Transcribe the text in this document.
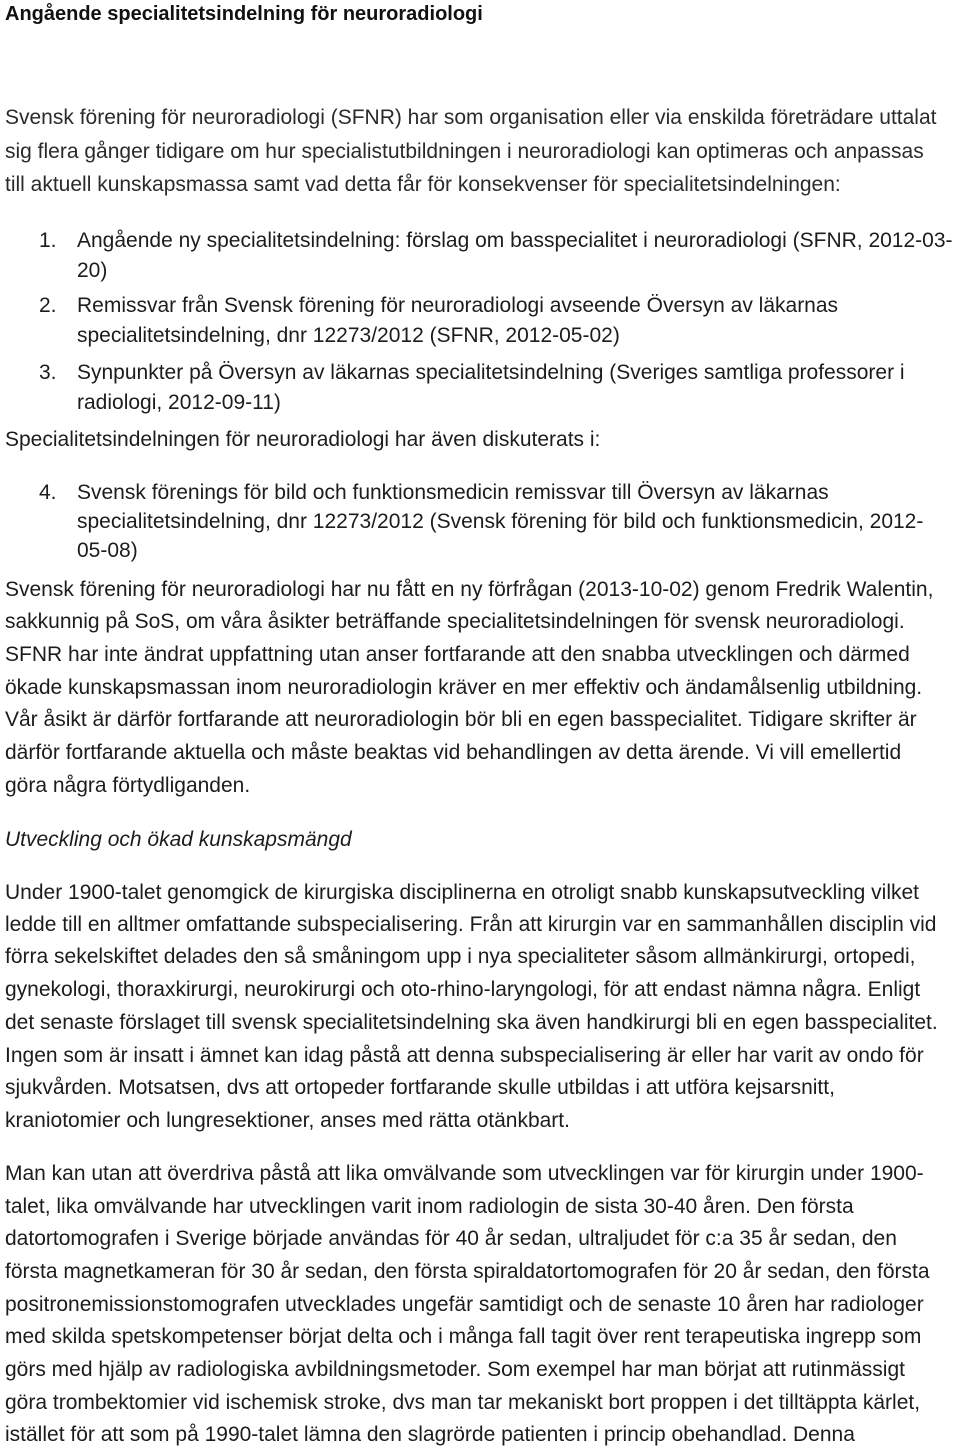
Angående specialitetsindelning för neuroradiologi
Svensk förening för neuroradiologi (SFNR) har som organisation eller via enskilda företrädare uttalat
sig flera gånger tidigare om hur specialistutbildningen i neuroradiologi kan optimeras och anpassas
till aktuell kunskapsmassa samt vad detta får för konsekvenser för specialitetsindelningen:
1. Angående ny specialitetsindelning: förslag om basspecialitet i neuroradiologi (SFNR, 2012-03-
20)
2. Remissvar från Svensk förening för neuroradiologi avseende Översyn av läkarnas
specialitetsindelning, dnr 12273/2012 (SFNR, 2012-05-02)
3. Synpunkter på Översyn av läkarnas specialitetsindelning (Sveriges samtliga professorer i
radiologi, 2012-09-11)
Specialitetsindelningen för neuroradiologi har även diskuterats i:
4. Svensk förenings för bild och funktionsmedicin remissvar till Översyn av läkarnas
specialitetsindelning, dnr 12273/2012 (Svensk förening för bild och funktionsmedicin, 2012-
05-08)
Svensk förening för neuroradiologi har nu fått en ny förfrågan (2013-10-02) genom Fredrik Walentin,
sakkunnig på SoS, om våra åsikter beträffande specialitetsindelningen för svensk neuroradiologi.
SFNR har inte ändrat uppfattning utan anser fortfarande att den snabba utvecklingen och därmed
ökade kunskapsmassan inom neuroradiologin kräver en mer effektiv och ändamålsenlig utbildning.
Vår åsikt är därför fortfarande att neuroradiologin bör bli en egen basspecialitet. Tidigare skrifter är
därför fortfarande aktuella och måste beaktas vid behandlingen av detta ärende. Vi vill emellertid
göra några förtydliganden.
Utveckling och ökad kunskapsmängd
Under 1900-talet genomgick de kirurgiska disciplinerna en otroligt snabb kunskapsutveckling vilket
ledde till en alltmer omfattande subspecialisering. Från att kirurgin var en sammanhållen disciplin vid
förra sekelskiftet delades den så småningom upp i nya specialiteter såsom allmänkirurgi, ortopedi,
gynekologi, thoraxkirurgi, neurokirurgi och oto-rhino-laryngologi, för att endast nämna några. Enligt
det senaste förslaget till svensk specialitetsindelning ska även handkirurgi bli en egen basspecialitet.
Ingen som är insatt i ämnet kan idag påstå att denna subspecialisering är eller har varit av ondo för
sjukvården. Motsatsen, dvs att ortopeder fortfarande skulle utbildas i att utföra kejsarsnitt,
kraniotomier och lungresektioner, anses med rätta otänkbart.
Man kan utan att överdriva påstå att lika omvälvande som utvecklingen var för kirurgin under 1900-
talet, lika omvälvande har utvecklingen varit inom radiologin de sista 30-40 åren. Den första
datortomografen i Sverige började användas för 40 år sedan, ultraljudet för c:a 35 år sedan, den
första magnetkameran för 30 år sedan, den första spiraldatortomografen för 20 år sedan, den första
positronemissionstomografen utvecklades ungefär samtidigt och de senaste 10 åren har radiologer
med skilda spetskompetenser börjat delta och i många fall tagit över rent terapeutiska ingrepp som
görs med hjälp av radiologiska avbildningsmetoder. Som exempel har man börjat att rutinmässigt
göra trombektomier vid ischemisk stroke, dvs man tar mekaniskt bort proppen i det tilltäppta kärlet,
istället för att som på 1990-talet lämna den slagrörde patienten i princip obehandlad. Denna
